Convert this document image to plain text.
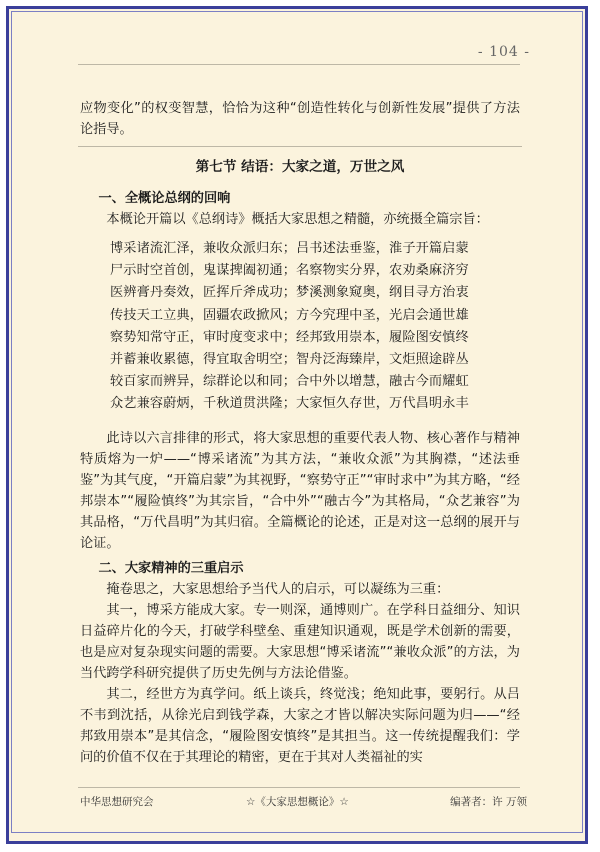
- 104 -

应物变化”的权变智慧，恰恰为这种“创造性转化与创新性发展”提供了方法论指导。

第七节 结语：大家之道，万世之风

一、全概论总纲的回响

本概论开篇以《总纲诗》概括大家思想之精髓，亦统摄全篇宗旨：

博采诸流汇泽，兼收众派归东；吕书述法垂鉴，淮子开篇启蒙
尸示时空首创，鬼谋捭阖初通；名察物实分界，农劝桑麻济穷
医辨膏丹奏效，匠挥斤斧成功；梦溪测象窥奥，纲目寻方治衷
传技天工立典，固疆农政掀风；方今究理中圣，光启会通世雄
察势知常守正，审时度变求中；经邦致用崇本，履险图安慎终
并蓄兼收累德，得宜取舍明空；智舟泛海臻岸，文炬照途辟丛
较百家而辨异，综群论以和同；合中外以增慧，融古今而耀虹
众艺兼容蔚炳，千秋道贯洪隆；大家恒久存世，万代昌明永丰

此诗以六言排律的形式，将大家思想的重要代表人物、核心著作与精神特质熔为一炉——“博采诸流”为其方法，“兼收众派”为其胸襟，“述法垂鉴”为其气度，“开篇启蒙”为其视野，“察势守正”“审时求中”为其方略，“经邦崇本”“履险慎终”为其宗旨，“合中外”“融古今”为其格局，“众艺兼容”为其品格，“万代昌明”为其归宿。全篇概论的论述，正是对这一总纲的展开与论证。

二、大家精神的三重启示

掩卷思之，大家思想给予当代人的启示，可以凝练为三重：

其一，博采方能成大家。专一则深，通博则广。在学科日益细分、知识日益碎片化的今天，打破学科壁垒、重建知识通观，既是学术创新的需要，也是应对复杂现实问题的需要。大家思想“博采诸流”“兼收众派”的方法，为当代跨学科研究提供了历史先例与方法论借鉴。

其二，经世方为真学问。纸上谈兵，终觉浅；绝知此事，要躬行。从吕不韦到沈括，从徐光启到钱学森，大家之才皆以解决实际问题为归——“经邦致用崇本”是其信念，“履险图安慎终”是其担当。这一传统提醒我们：学问的价值不仅在于其理论的精密，更在于其对人类福祉的实

中华思想研究会	☆《大家思想概论》☆	编著者：许 万领
